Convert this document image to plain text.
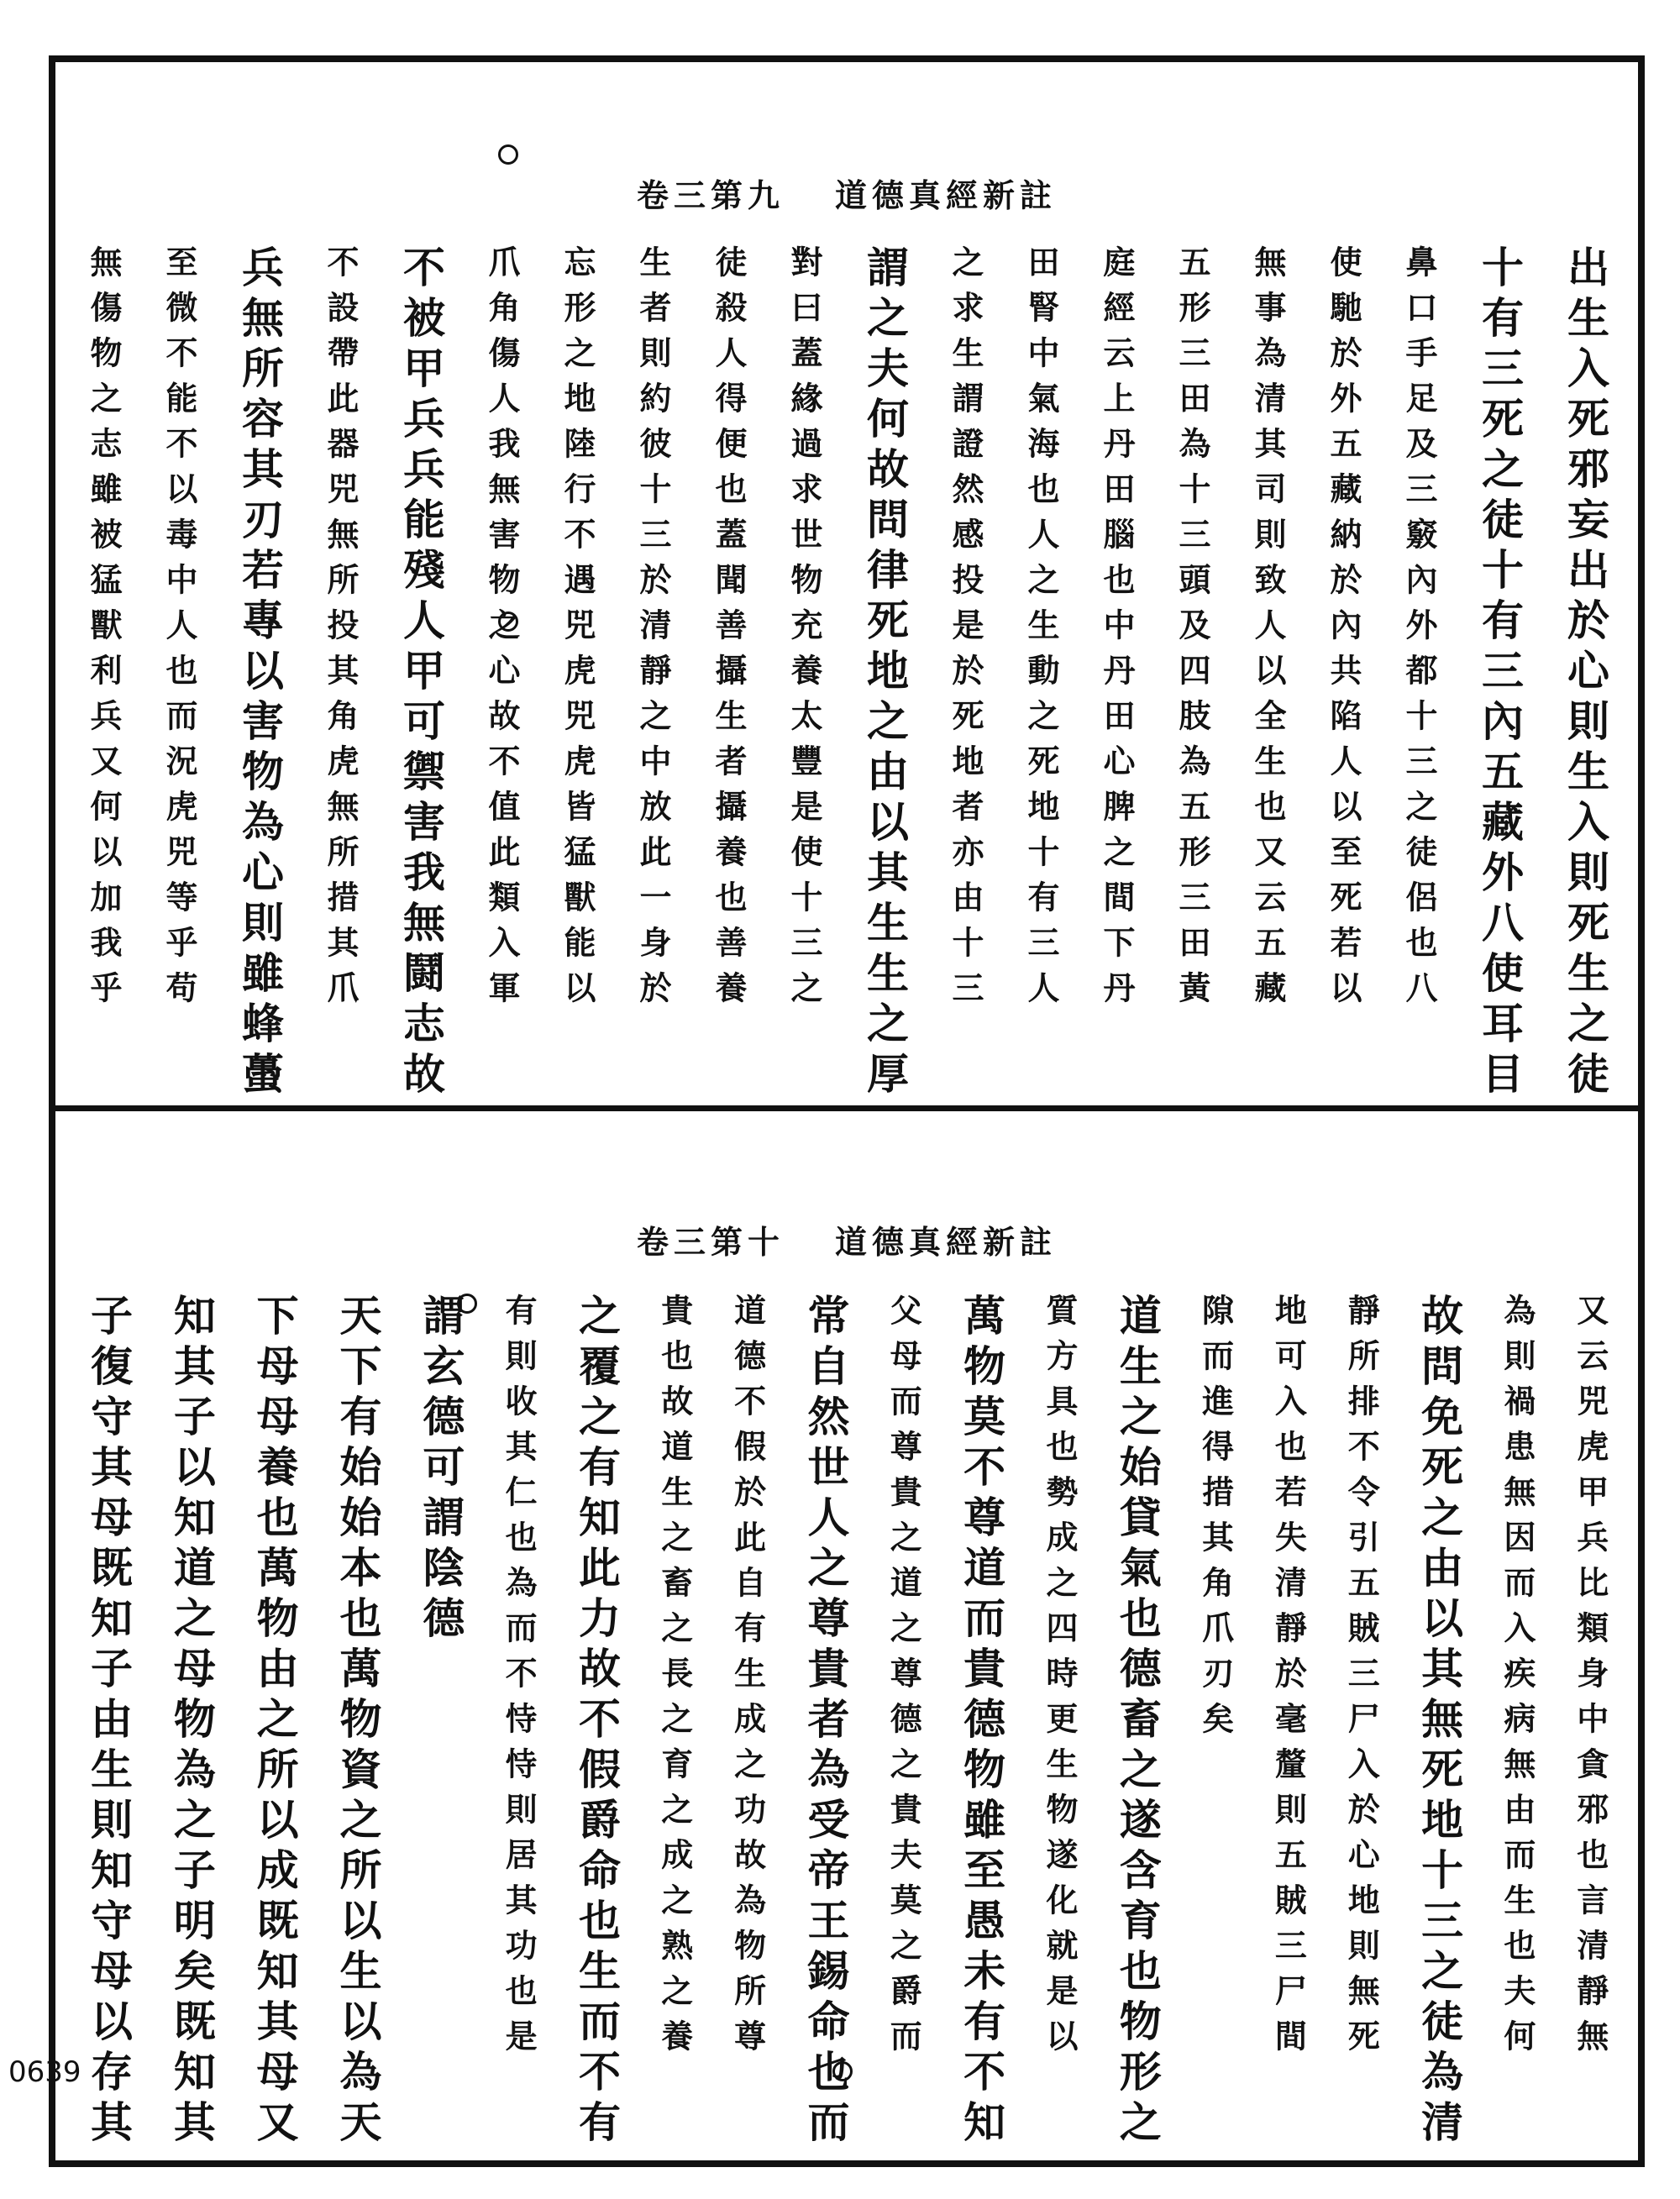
卷三第九 道德真經新註
出生入死邪妄出於心則生入則死生之徒
十有三死之徒十有三內五藏外八使耳目
鼻口手足及三竅內外都十三之徒侶也八
使馳於外五藏納於內共陷人以至死若以
無事為清其司則致人以全生也又云五藏
五形三田為十三頭及四肢為五形三田黃
庭經云上丹田腦也中丹田心脾之間下丹
田腎中氣海也人之生動之死地十有三人
之求生謂證然感投是於死地者亦由十三
謂之夫何故問律死地之由以其生生之厚
對曰蓋緣過求世物充養太豐是使十三之
徒殺人得便也蓋聞善攝生者攝養也善養
生者則約彼十三於清靜之中放此一身於
忘形之地陸行不遇兕虎兕虎皆猛獸能以
爪角傷人我無害物之心故不值此類入軍
不被甲兵兵能殘人甲可禦害我無鬪志故
不設帶此器兕無所投其角虎無所措其爪
兵無所容其刃若專以害物為心則雖蜂蠆
至微不能不以毒中人也而況虎兕等乎苟
無傷物之志雖被猛獸利兵又何以加我乎
卷三第十 道德真經新註
又云兕虎甲兵比類身中貪邪也言清靜無
為則禍患無因而入疾病無由而生也夫何
故問免死之由以其無死地十三之徒為清
靜所排不令引五賊三尸入於心地則無死
地可入也若失清靜於毫釐則五賊三尸間
隙而進得措其角爪刃矣
道生之始貸氣也德畜之遂含育也物形之
質方具也勢成之四時更生物遂化就是以
萬物莫不尊道而貴德物雖至愚未有不知
父母而尊貴之道之尊德之貴夫莫之爵而
常自然世人之尊貴者為受帝王錫命也而
道德不假於此自有生成之功故為物所尊
貴也故道生之畜之長之育之成之熟之養
之覆之有知此力故不假爵命也生而不有
有則收其仁也為而不恃恃則居其功也是
謂玄德可謂陰德
天下有始始本也萬物資之所以生以為天
下母母養也萬物由之所以成既知其母又
知其子以知道之母物為之子明矣既知其
子復守其母既知子由生則知守母以存其
0639
